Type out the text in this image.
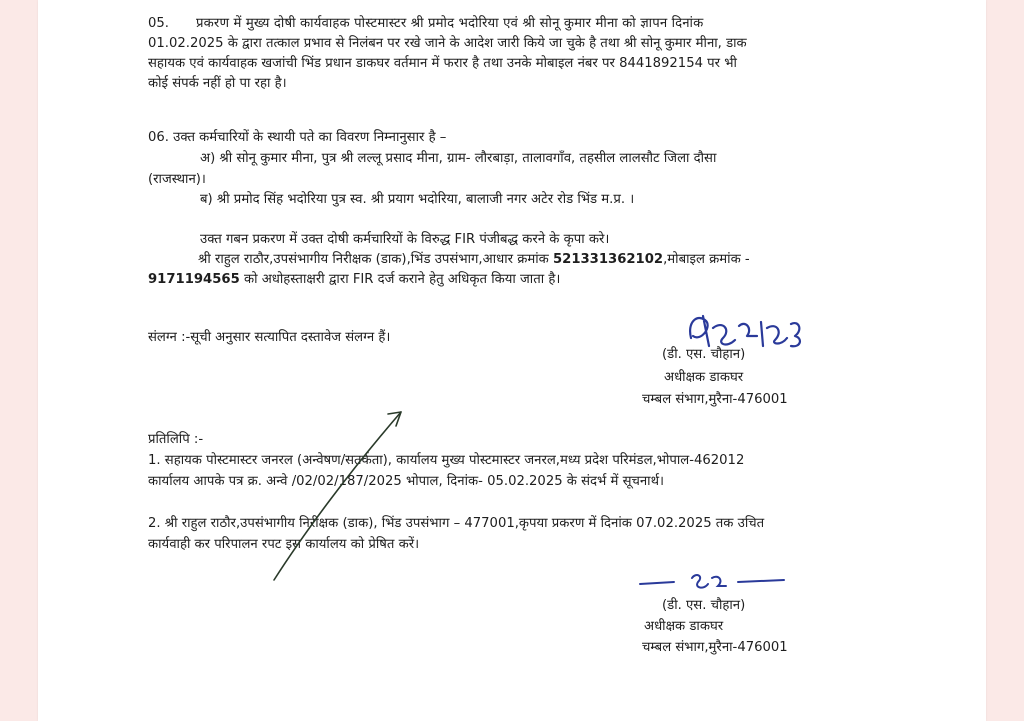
05. प्रकरण में मुख्य दोषी कार्यवाहक पोस्टमास्टर श्री प्रमोद भदोरिया एवं श्री सोनू कुमार मीना को ज्ञापन दिनांक
01.02.2025 के द्वारा तत्काल प्रभाव से निलंबन पर रखे जाने के आदेश जारी किये जा चुके है तथा श्री सोनू कुमार मीना, डाक
सहायक एवं कार्यवाहक खजांची भिंड प्रधान डाकघर वर्तमान में फरार है तथा उनके मोबाइल नंबर पर 8441892154 पर भी
कोई संपर्क नहीं हो पा रहा है।
06. उक्त कर्मचारियों के स्थायी पते का विवरण निम्नानुसार है –
अ) श्री सोनू कुमार मीना, पुत्र श्री लल्लू प्रसाद मीना, ग्राम- लौरबाड़ा, तालावगाँव, तहसील लालसौट जिला दौसा
(राजस्थान)।
ब) श्री प्रमोद सिंह भदोरिया पुत्र स्व. श्री प्रयाग भदोरिया, बालाजी नगर अटेर रोड भिंड म.प्र. ।
उक्त गबन प्रकरण में उक्त दोषी कर्मचारियों के विरुद्ध FIR पंजीबद्ध करने के कृपा करे।
श्री राहुल राठौर,उपसंभागीय निरीक्षक (डाक),भिंड उपसंभाग,आधार क्रमांक 521331362102,मोबाइल क्रमांक -
9171194565 को अधोहस्ताक्षरी द्वारा FIR दर्ज कराने हेतु अधिकृत किया जाता है।
संलग्न :-सूची अनुसार सत्यापित दस्तावेज संलग्न हैं।
(डी. एस. चौहान)
अधीक्षक डाकघर
चम्बल संभाग,मुरैना-476001
प्रतिलिपि :-
1. सहायक पोस्टमास्टर जनरल (अन्वेषण/सतर्कता), कार्यालय मुख्य पोस्टमास्टर जनरल,मध्य प्रदेश परिमंडल,भोपाल-462012
कार्यालय आपके पत्र क्र. अन्वे /02/02/187/2025 भोपाल, दिनांक- 05.02.2025 के संदर्भ में सूचनार्थ।
2. श्री राहुल राठौर,उपसंभागीय निरीक्षक (डाक), भिंड उपसंभाग – 477001,कृपया प्रकरण में दिनांक 07.02.2025 तक उचित
कार्यवाही कर परिपालन रपट इस कार्यालय को प्रेषित करें।
(डी. एस. चौहान)
अधीक्षक डाकघर
चम्बल संभाग,मुरैना-476001
